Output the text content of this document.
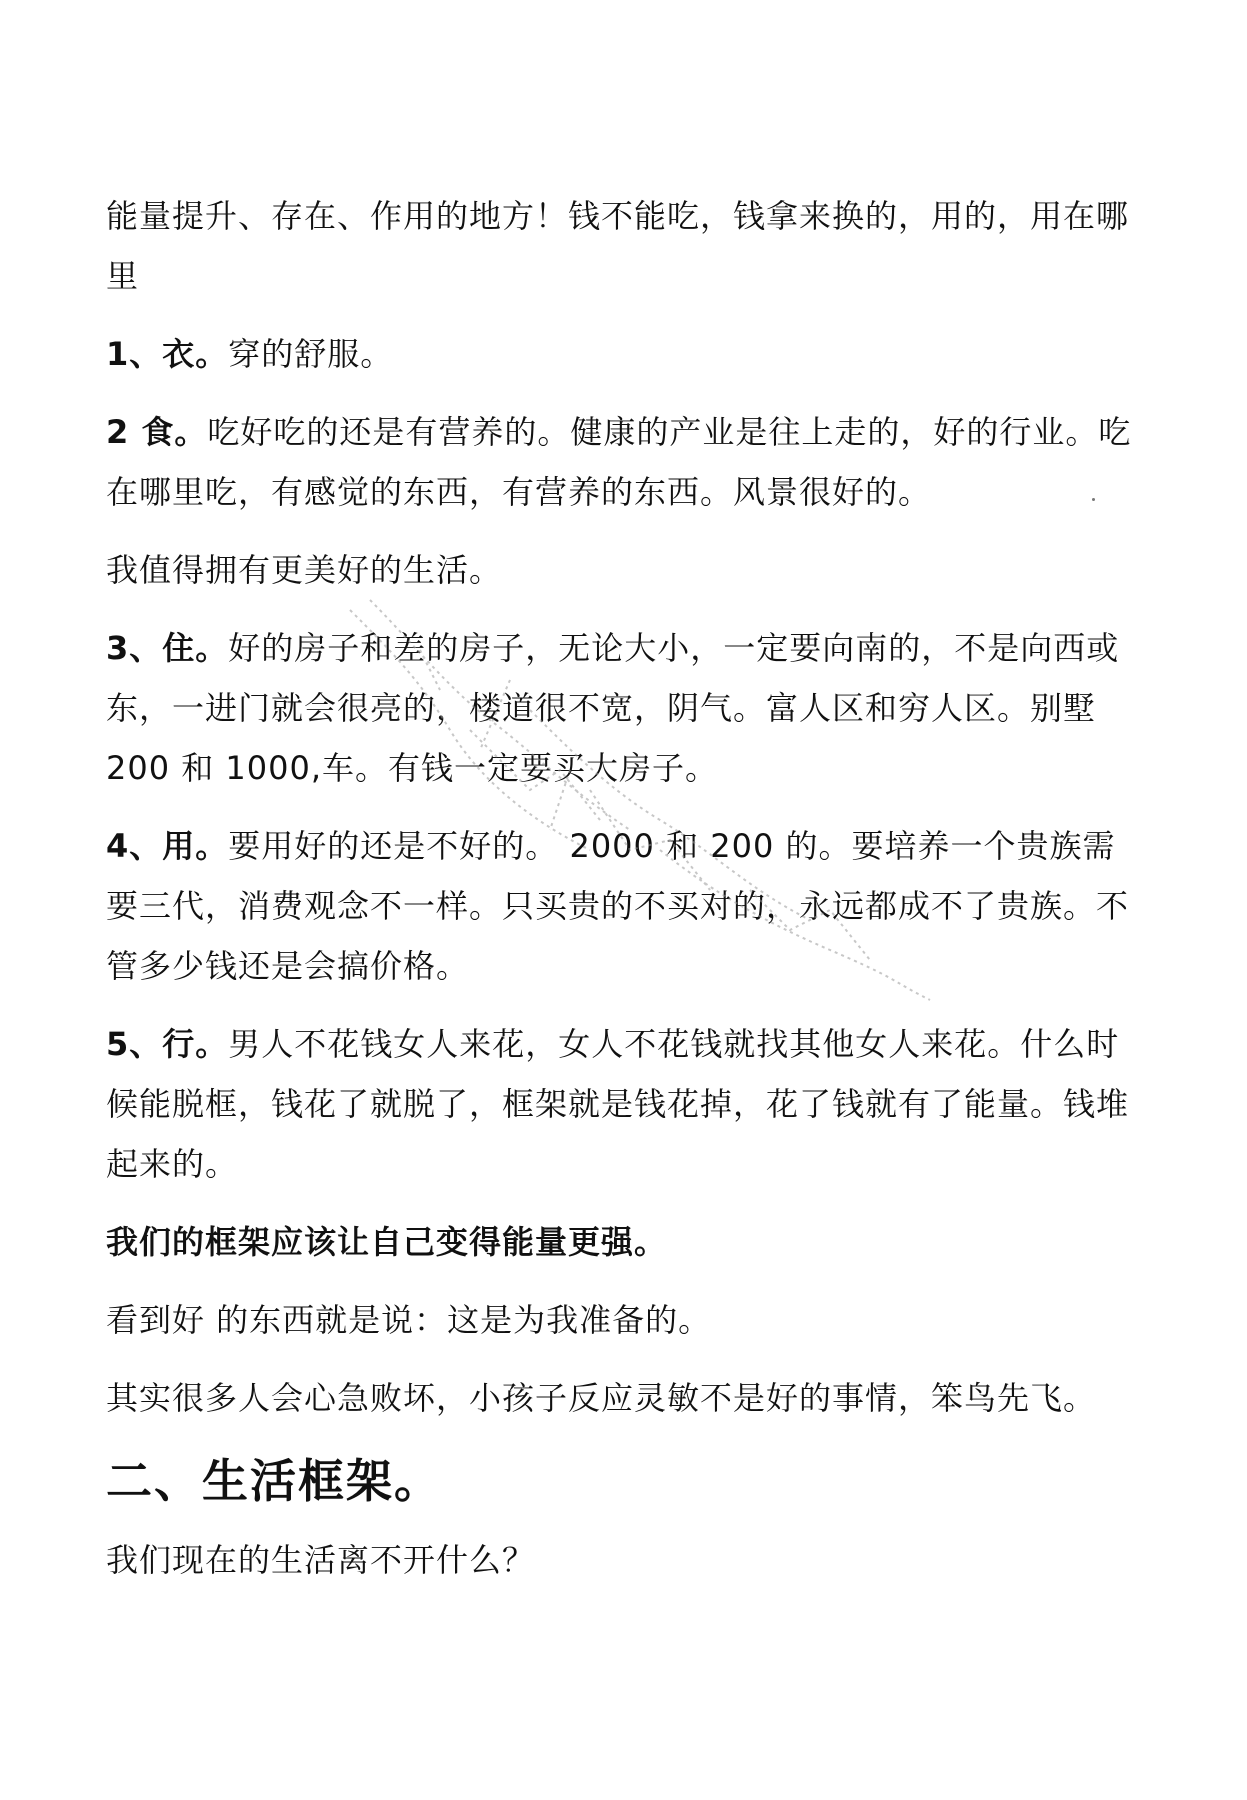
能量提升、存在、作用的地方！钱不能吃，钱拿来换的，用的，用在哪里

1、衣。穿的舒服。

2 食。吃好吃的还是有营养的。健康的产业是往上走的，好的行业。吃在哪里吃，有感觉的东西，有营养的东西。风景很好的。

我值得拥有更美好的生活。

3、住。好的房子和差的房子，无论大小，一定要向南的，不是向西或东，一进门就会很亮的，楼道很不宽，阴气。富人区和穷人区。别墅 200 和 1000,车。有钱一定要买大房子。

4、用。要用好的还是不好的。 2000 和 200 的。要培养一个贵族需要三代，消费观念不一样。只买贵的不买对的，永远都成不了贵族。不管多少钱还是会搞价格。

5、行。男人不花钱女人来花，女人不花钱就找其他女人来花。什么时候能脱框，钱花了就脱了，框架就是钱花掉，花了钱就有了能量。钱堆起来的。

我们的框架应该让自己变得能量更强。

看到好 的东西就是说：这是为我准备的。

其实很多人会心急败坏，小孩子反应灵敏不是好的事情，笨鸟先飞。

二、生活框架。

我们现在的生活离不开什么？
